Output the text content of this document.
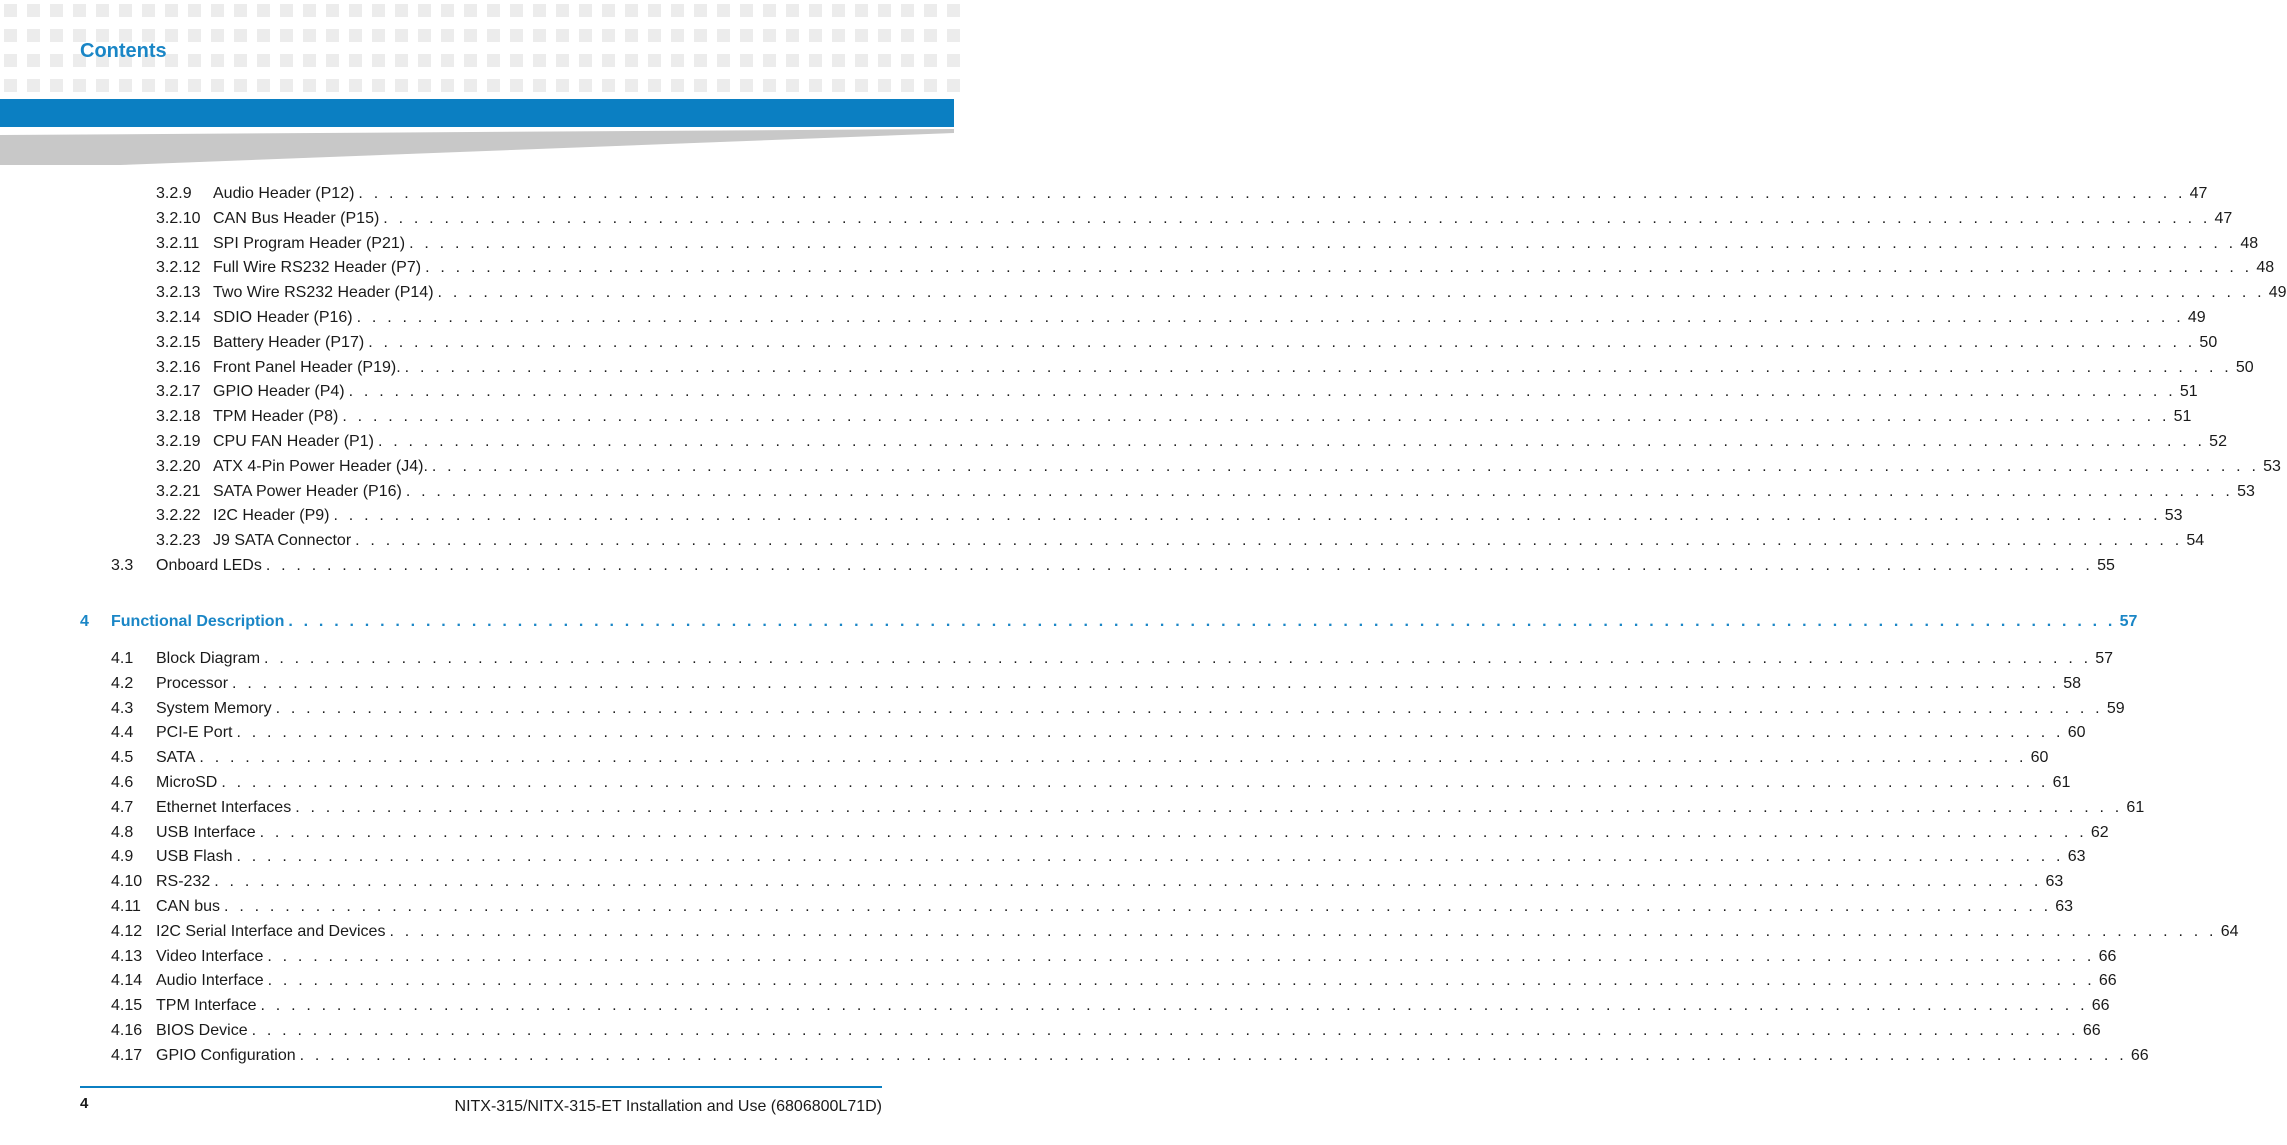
Contents
3.2.9	Audio Header (P12) . . . . . . . . . . . . . . . . . . . . . . . . . . . . . . . . . . . . . . . . . . . . . . . . . . . . . . . . . . . . . . . . . . . . . . . . . . . . . . . . . . . . . . . . . . . . . . . . . . . . . . . . . . . . . . . . . . . . . . . . 47
3.2.10 CAN Bus Header (P15) . . . . . . . . . . . . . . . . . . . . . . . . . . . . . . . . . . . . . . . . . . . . . . . . . . . . . . . . . . . . . . . . . . . . . . . . . . . . . . . . . . . . . . . . . . . . . . . . . . . . . . . . . . . . . . . . . . . . . . . . 47
3.2.11 SPI Program Header (P21) . . . . . . . . . . . . . . . . . . . . . . . . . . . . . . . . . . . . . . . . . . . . . . . . . . . . . . . . . . . . . . . . . . . . . . . . . . . . . . . . . . . . . . . . . . . . . . . . . . . . . . . . . . . . . . . . . . . . . . . . 48
3.2.12 Full Wire RS232 Header (P7) . . . . . . . . . . . . . . . . . . . . . . . . . . . . . . . . . . . . . . . . . . . . . . . . . . . . . . . . . . . . . . . . . . . . . . . . . . . . . . . . . . . . . . . . . . . . . . . . . . . . . . . . . . . . . . . . . . . . . . . . 48
3.2.13 Two Wire RS232 Header (P14) . . . . . . . . . . . . . . . . . . . . . . . . . . . . . . . . . . . . . . . . . . . . . . . . . . . . . . . . . . . . . . . . . . . . . . . . . . . . . . . . . . . . . . . . . . . . . . . . . . . . . . . . . . . . . . . . . . . . . . . . 49
3.2.14 SDIO Header (P16) . . . . . . . . . . . . . . . . . . . . . . . . . . . . . . . . . . . . . . . . . . . . . . . . . . . . . . . . . . . . . . . . . . . . . . . . . . . . . . . . . . . . . . . . . . . . . . . . . . . . . . . . . . . . . . . . . . . . . . . . 49
3.2.15 Battery Header (P17) . . . . . . . . . . . . . . . . . . . . . . . . . . . . . . . . . . . . . . . . . . . . . . . . . . . . . . . . . . . . . . . . . . . . . . . . . . . . . . . . . . . . . . . . . . . . . . . . . . . . . . . . . . . . . . . . . . . . . . . . 50
3.2.16 Front Panel Header (P19). . . . . . . . . . . . . . . . . . . . . . . . . . . . . . . . . . . . . . . . . . . . . . . . . . . . . . . . . . . . . . . . . . . . . . . . . . . . . . . . . . . . . . . . . . . . . . . . . . . . . . . . . . . . . . . . . . . . . . . . . 50
3.2.17 GPIO Header (P4) . . . . . . . . . . . . . . . . . . . . . . . . . . . . . . . . . . . . . . . . . . . . . . . . . . . . . . . . . . . . . . . . . . . . . . . . . . . . . . . . . . . . . . . . . . . . . . . . . . . . . . . . . . . . . . . . . . . . . . . . 51
3.2.18 TPM Header (P8) . . . . . . . . . . . . . . . . . . . . . . . . . . . . . . . . . . . . . . . . . . . . . . . . . . . . . . . . . . . . . . . . . . . . . . . . . . . . . . . . . . . . . . . . . . . . . . . . . . . . . . . . . . . . . . . . . . . . . . . . 51
3.2.19 CPU FAN Header (P1) . . . . . . . . . . . . . . . . . . . . . . . . . . . . . . . . . . . . . . . . . . . . . . . . . . . . . . . . . . . . . . . . . . . . . . . . . . . . . . . . . . . . . . . . . . . . . . . . . . . . . . . . . . . . . . . . . . . . . . . . 52
3.2.20 ATX 4-Pin Power Header (J4). . . . . . . . . . . . . . . . . . . . . . . . . . . . . . . . . . . . . . . . . . . . . . . . . . . . . . . . . . . . . . . . . . . . . . . . . . . . . . . . . . . . . . . . . . . . . . . . . . . . . . . . . . . . . . . . . . . . . . . . . 53
3.2.21 SATA Power Header (P16) . . . . . . . . . . . . . . . . . . . . . . . . . . . . . . . . . . . . . . . . . . . . . . . . . . . . . . . . . . . . . . . . . . . . . . . . . . . . . . . . . . . . . . . . . . . . . . . . . . . . . . . . . . . . . . . . . . . . . . . . 53
3.2.22 I2C Header (P9) . . . . . . . . . . . . . . . . . . . . . . . . . . . . . . . . . . . . . . . . . . . . . . . . . . . . . . . . . . . . . . . . . . . . . . . . . . . . . . . . . . . . . . . . . . . . . . . . . . . . . . . . . . . . . . . . . . . . . . . . 53
3.2.23 J9 SATA Connector . . . . . . . . . . . . . . . . . . . . . . . . . . . . . . . . . . . . . . . . . . . . . . . . . . . . . . . . . . . . . . . . . . . . . . . . . . . . . . . . . . . . . . . . . . . . . . . . . . . . . . . . . . . . . . . . . . . . . . . . 54
3.3	Onboard LEDs . . . . . . . . . . . . . . . . . . . . . . . . . . . . . . . . . . . . . . . . . . . . . . . . . . . . . . . . . . . . . . . . . . . . . . . . . . . . . . . . . . . . . . . . . . . . . . . . . . . . . . . . . . . . . . . . . . . . . . . . 55
4	Functional Description . . . . . . . . . . . . . . . . . . . . . . . . . . . . . . . . . . . . . . . . . . . . . . . . . . . . . . . . . . . . . . . . . . . . . . . . . . . . . . . . . . . . . . . . . . . . . . . . . . . . . . . . . . . . . . . . . . . . . . . . 57
4.1	Block Diagram . . . . . . . . . . . . . . . . . . . . . . . . . . . . . . . . . . . . . . . . . . . . . . . . . . . . . . . . . . . . . . . . . . . . . . . . . . . . . . . . . . . . . . . . . . . . . . . . . . . . . . . . . . . . . . . . . . . . . . . . 57
4.2	Processor . . . . . . . . . . . . . . . . . . . . . . . . . . . . . . . . . . . . . . . . . . . . . . . . . . . . . . . . . . . . . . . . . . . . . . . . . . . . . . . . . . . . . . . . . . . . . . . . . . . . . . . . . . . . . . . . . . . . . . . . 58
4.3	System Memory . . . . . . . . . . . . . . . . . . . . . . . . . . . . . . . . . . . . . . . . . . . . . . . . . . . . . . . . . . . . . . . . . . . . . . . . . . . . . . . . . . . . . . . . . . . . . . . . . . . . . . . . . . . . . . . . . . . . . . . . 59
4.4	PCI-E Port . . . . . . . . . . . . . . . . . . . . . . . . . . . . . . . . . . . . . . . . . . . . . . . . . . . . . . . . . . . . . . . . . . . . . . . . . . . . . . . . . . . . . . . . . . . . . . . . . . . . . . . . . . . . . . . . . . . . . . . . 60
4.5	SATA . . . . . . . . . . . . . . . . . . . . . . . . . . . . . . . . . . . . . . . . . . . . . . . . . . . . . . . . . . . . . . . . . . . . . . . . . . . . . . . . . . . . . . . . . . . . . . . . . . . . . . . . . . . . . . . . . . . . . . . . 60
4.6	MicroSD . . . . . . . . . . . . . . . . . . . . . . . . . . . . . . . . . . . . . . . . . . . . . . . . . . . . . . . . . . . . . . . . . . . . . . . . . . . . . . . . . . . . . . . . . . . . . . . . . . . . . . . . . . . . . . . . . . . . . . . . 61
4.7	Ethernet Interfaces . . . . . . . . . . . . . . . . . . . . . . . . . . . . . . . . . . . . . . . . . . . . . . . . . . . . . . . . . . . . . . . . . . . . . . . . . . . . . . . . . . . . . . . . . . . . . . . . . . . . . . . . . . . . . . . . . . . . . . . . 61
4.8	USB Interface . . . . . . . . . . . . . . . . . . . . . . . . . . . . . . . . . . . . . . . . . . . . . . . . . . . . . . . . . . . . . . . . . . . . . . . . . . . . . . . . . . . . . . . . . . . . . . . . . . . . . . . . . . . . . . . . . . . . . . . . 62
4.9	USB Flash . . . . . . . . . . . . . . . . . . . . . . . . . . . . . . . . . . . . . . . . . . . . . . . . . . . . . . . . . . . . . . . . . . . . . . . . . . . . . . . . . . . . . . . . . . . . . . . . . . . . . . . . . . . . . . . . . . . . . . . . 63
4.10 RS-232 . . . . . . . . . . . . . . . . . . . . . . . . . . . . . . . . . . . . . . . . . . . . . . . . . . . . . . . . . . . . . . . . . . . . . . . . . . . . . . . . . . . . . . . . . . . . . . . . . . . . . . . . . . . . . . . . . . . . . . . . 63
4.11 CAN bus . . . . . . . . . . . . . . . . . . . . . . . . . . . . . . . . . . . . . . . . . . . . . . . . . . . . . . . . . . . . . . . . . . . . . . . . . . . . . . . . . . . . . . . . . . . . . . . . . . . . . . . . . . . . . . . . . . . . . . . . 63
4.12 I2C Serial Interface and Devices . . . . . . . . . . . . . . . . . . . . . . . . . . . . . . . . . . . . . . . . . . . . . . . . . . . . . . . . . . . . . . . . . . . . . . . . . . . . . . . . . . . . . . . . . . . . . . . . . . . . . . . . . . . . . . . . . . . . . . . . 64
4.13 Video Interface . . . . . . . . . . . . . . . . . . . . . . . . . . . . . . . . . . . . . . . . . . . . . . . . . . . . . . . . . . . . . . . . . . . . . . . . . . . . . . . . . . . . . . . . . . . . . . . . . . . . . . . . . . . . . . . . . . . . . . . . 66
4.14 Audio Interface . . . . . . . . . . . . . . . . . . . . . . . . . . . . . . . . . . . . . . . . . . . . . . . . . . . . . . . . . . . . . . . . . . . . . . . . . . . . . . . . . . . . . . . . . . . . . . . . . . . . . . . . . . . . . . . . . . . . . . . . 66
4.15 TPM Interface . . . . . . . . . . . . . . . . . . . . . . . . . . . . . . . . . . . . . . . . . . . . . . . . . . . . . . . . . . . . . . . . . . . . . . . . . . . . . . . . . . . . . . . . . . . . . . . . . . . . . . . . . . . . . . . . . . . . . . . . 66
4.16 BIOS Device . . . . . . . . . . . . . . . . . . . . . . . . . . . . . . . . . . . . . . . . . . . . . . . . . . . . . . . . . . . . . . . . . . . . . . . . . . . . . . . . . . . . . . . . . . . . . . . . . . . . . . . . . . . . . . . . . . . . . . . . 66
4.17 GPIO Configuration . . . . . . . . . . . . . . . . . . . . . . . . . . . . . . . . . . . . . . . . . . . . . . . . . . . . . . . . . . . . . . . . . . . . . . . . . . . . . . . . . . . . . . . . . . . . . . . . . . . . . . . . . . . . . . . . . . . . . . . . 66
4	NITX-315/NITX-315-ET Installation and Use (6806800L71D)
